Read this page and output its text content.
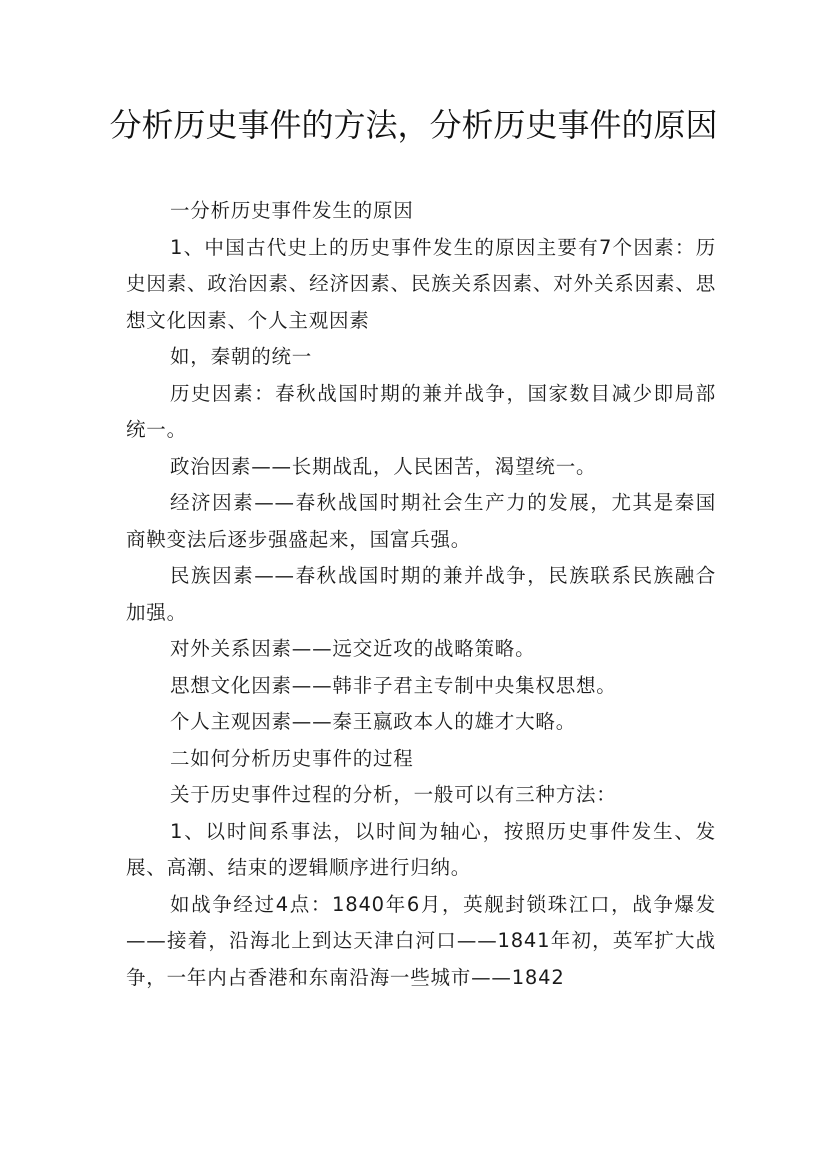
分析历史事件的方法，分析历史事件的原因

一分析历史事件发生的原因

1、中国古代史上的历史事件发生的原因主要有7个因素：历史因素、政治因素、经济因素、民族关系因素、对外关系因素、思想文化因素、个人主观因素

如，秦朝的统一

历史因素：春秋战国时期的兼并战争，国家数目减少即局部统一。

政治因素——长期战乱，人民困苦，渴望统一。

经济因素——春秋战国时期社会生产力的发展，尤其是秦国商鞅变法后逐步强盛起来，国富兵强。

民族因素——春秋战国时期的兼并战争，民族联系民族融合加强。

对外关系因素——远交近攻的战略策略。

思想文化因素——韩非子君主专制中央集权思想。

个人主观因素——秦王嬴政本人的雄才大略。

二如何分析历史事件的过程

关于历史事件过程的分析，一般可以有三种方法：

1、以时间系事法，以时间为轴心，按照历史事件发生、发展、高潮、结束的逻辑顺序进行归纳。

如战争经过4点：1840年6月，英舰封锁珠江口，战争爆发——接着，沿海北上到达天津白河口——1841年初，英军扩大战争，一年内占香港和东南沿海一些城市——1842
